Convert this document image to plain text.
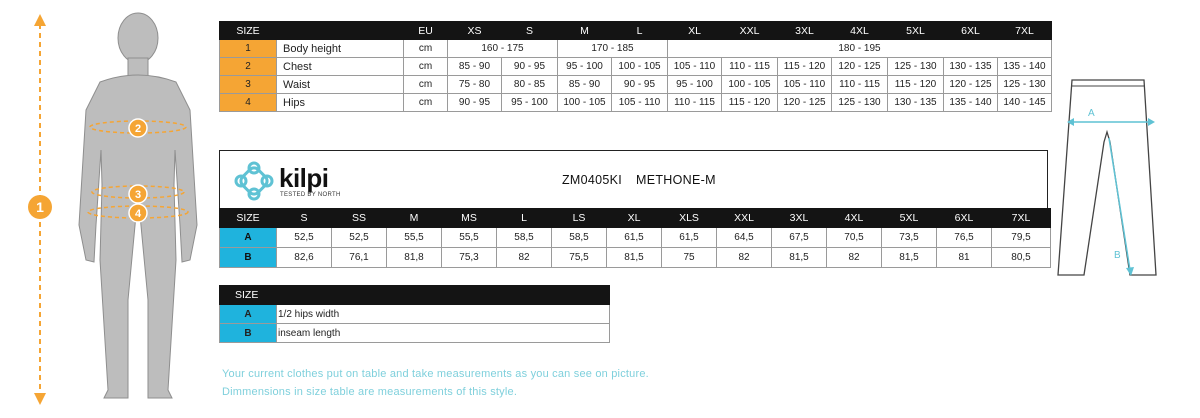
1
2
3
4
SIZE		EU	XS	S	M	L	XL	XXL	3XL	4XL	5XL	6XL	7XL
1	Body height	cm	160 - 175		170 - 185		180 - 195						
2	Chest	cm	85 - 90	90 - 95	95 - 100	100 - 105	105 - 110	110 - 115	115 - 120	120 - 125	125 - 130	130 - 135	135 - 140
3	Waist	cm	75 - 80	80 - 85	85 - 90	90 - 95	95 - 100	100 - 105	105 - 110	110 - 115	115 - 120	120 - 125	125 - 130
4	Hips	cm	90 - 95	95 - 100	100 - 105	105 - 110	110 - 115	115 - 120	120 - 125	125 - 130	130 - 135	135 - 140	140 - 145
kilpi
TESTED BY NORTH
ZM0405KI METHONE-M
SIZE	S	SS	M	MS	L	LS	XL	XLS	XXL	3XL	4XL	5XL	6XL	7XL
A	52,5	52,5	55,5	55,5	58,5	58,5	61,5	61,5	64,5	67,5	70,5	73,5	76,5	79,5
B	82,6	76,1	81,8	75,3	82	75,5	81,5	75	82	81,5	82	81,5	81	80,5
A
B
SIZE	
A	1/2 hips width
B	inseam length
Your current clothes put on table and take measurements as you can see on picture.
Dimmensions in size table are measurements of this style.
